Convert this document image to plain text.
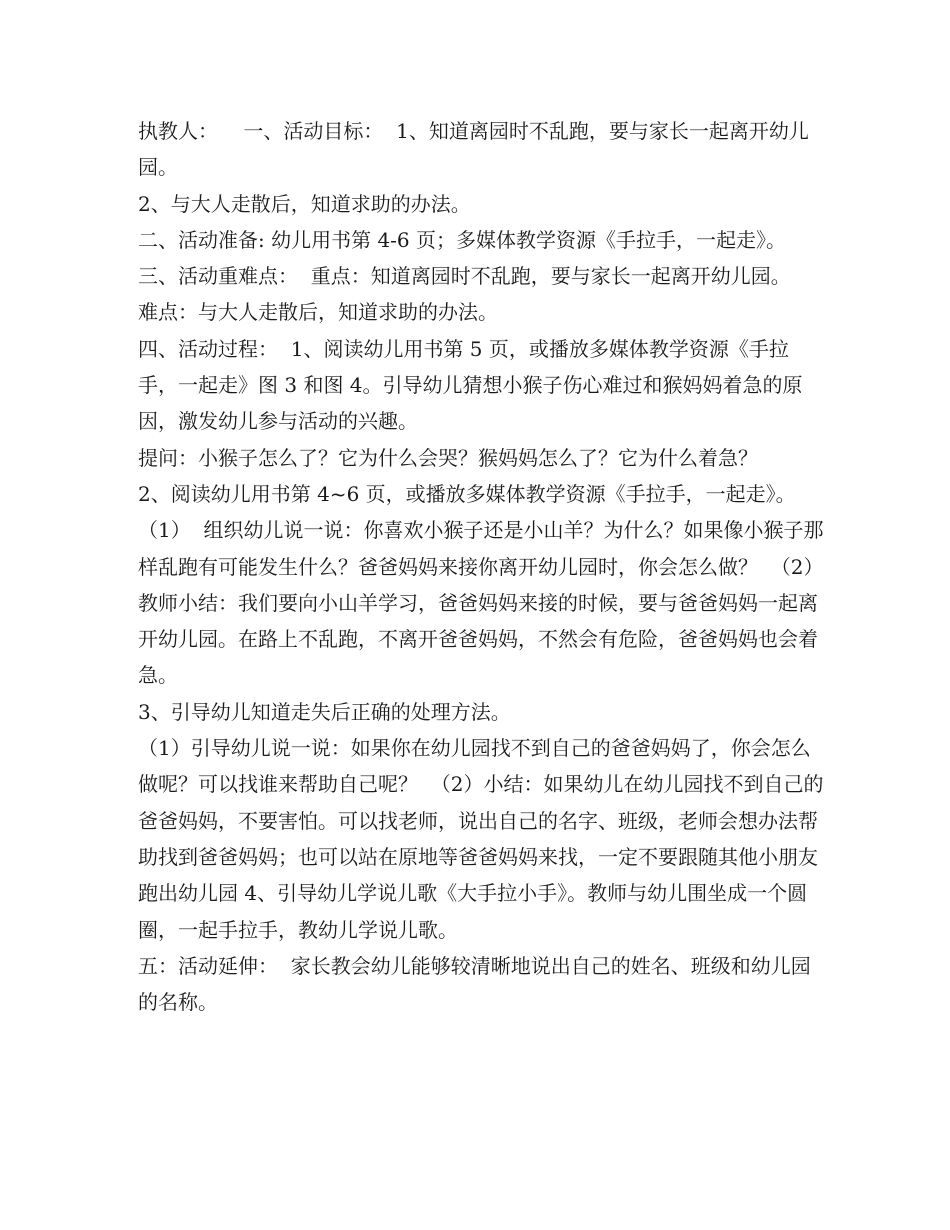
执教人：    一、活动目标：  1、知道离园时不乱跑，要与家长一起离开幼儿园。

2、与大人走散后，知道求助的办法。

二、活动准备: 幼儿用书第 4-6 页；多媒体教学资源《手拉手，一起走》。

三、活动重难点：  重点：知道离园时不乱跑，要与家长一起离开幼儿园。

难点：与大人走散后，知道求助的办法。

四、活动过程：  1、阅读幼儿用书第 5 页，或播放多媒体教学资源《手拉手，一起走》图 3 和图 4。引导幼儿猜想小猴子伤心难过和猴妈妈着急的原因，激发幼儿参与活动的兴趣。

提问：小猴子怎么了？它为什么会哭？猴妈妈怎么了？它为什么着急？

2、阅读幼儿用书第 4~6 页，或播放多媒体教学资源《手拉手，一起走》。

（1）  组织幼儿说一说：你喜欢小猴子还是小山羊？为什么？如果像小猴子那样乱跑有可能发生什么？爸爸妈妈来接你离开幼儿园时，你会怎么做？  （2）  教师小结：我们要向小山羊学习，爸爸妈妈来接的时候，要与爸爸妈妈一起离开幼儿园。在路上不乱跑，不离开爸爸妈妈，不然会有危险，爸爸妈妈也会着急。

3、引导幼儿知道走失后正确的处理方法。

（1）引导幼儿说一说：如果你在幼儿园找不到自己的爸爸妈妈了，你会怎么做呢？可以找谁来帮助自己呢？  （2）小结：如果幼儿在幼儿园找不到自己的爸爸妈妈，不要害怕。可以找老师，说出自己的名字、班级，老师会想办法帮助找到爸爸妈妈；也可以站在原地等爸爸妈妈来找，一定不要跟随其他小朋友跑出幼儿园 4、引导幼儿学说儿歌《大手拉小手》。教师与幼儿围坐成一个圆圈，一起手拉手，教幼儿学说儿歌。

五：活动延伸：  家长教会幼儿能够较清晰地说出自己的姓名、班级和幼儿园的名称。
